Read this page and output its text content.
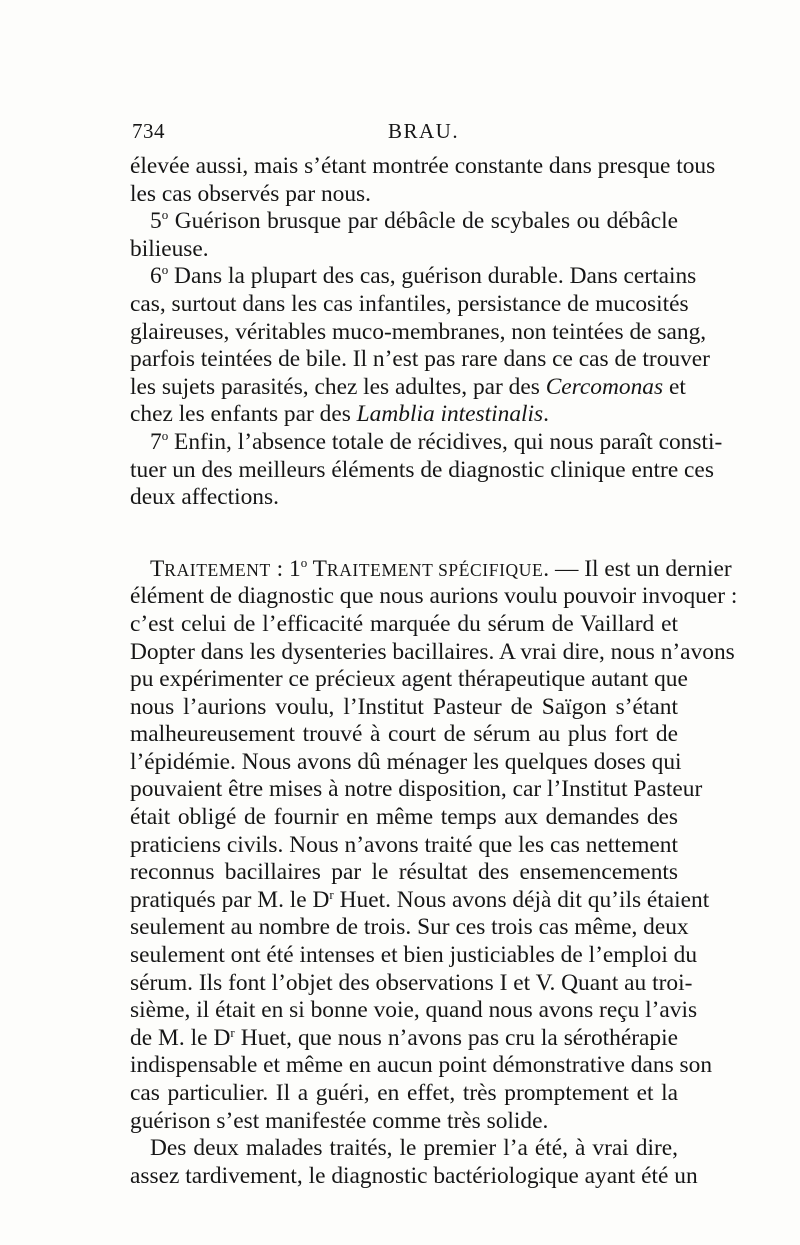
734	BRAU.
élevée aussi, mais s’étant montrée constante dans presque tous
les cas observés par nous.
5$^o$ Guérison brusque par débâcle de scybales ou débâcle
bilieuse.
6$^o$ Dans la plupart des cas, guérison durable. Dans certains
cas, surtout dans les cas infantiles, persistance de mucosités
glaireuses, véritables muco-membranes, non teintées de sang,
parfois teintées de bile. Il n’est pas rare dans ce cas de trouver
les sujets parasités, chez les adultes, par des Cercomonas et
chez les enfants par des Lamblia intestinalis.
7$^o$ Enfin, l’absence totale de récidives, qui nous paraît consti-
tuer un des meilleurs éléments de diagnostic clinique entre ces
deux affections.
TRAITEMENT : 1$^o$ TRAITEMENT SPÉCIFIQUE. — Il est un dernier
élément de diagnostic que nous aurions voulu pouvoir invoquer :
c’est celui de l’efficacité marquée du sérum de Vaillard et
Dopter dans les dysenteries bacillaires. A vrai dire, nous n’avons
pu expérimenter ce précieux agent thérapeutique autant que
nous l’aurions voulu, l’Institut Pasteur de Saïgon s’étant
malheureusement trouvé à court de sérum au plus fort de
l’épidémie. Nous avons dû ménager les quelques doses qui
pouvaient être mises à notre disposition, car l’Institut Pasteur
était obligé de fournir en même temps aux demandes des
praticiens civils. Nous n’avons traité que les cas nettement
reconnus bacillaires par le résultat des ensemencements
pratiqués par M. le $D^r$ Huet. Nous avons déjà dit qu’ils étaient
seulement au nombre de trois. Sur ces trois cas même, deux
seulement ont été intenses et bien justiciables de l’emploi du
sérum. Ils font l’objet des observations I et V. Quant au troi-
sième, il était en si bonne voie, quand nous avons reçu l’avis
de M. le $D^r$ Huet, que nous n’avons pas cru la sérothérapie
indispensable et même en aucun point démonstrative dans son
cas particulier. Il a guéri, en effet, très promptement et la
guérison s’est manifestée comme très solide.
Des deux malades traités, le premier l’a été, à vrai dire,
assez tardivement, le diagnostic bactériologique ayant été un
